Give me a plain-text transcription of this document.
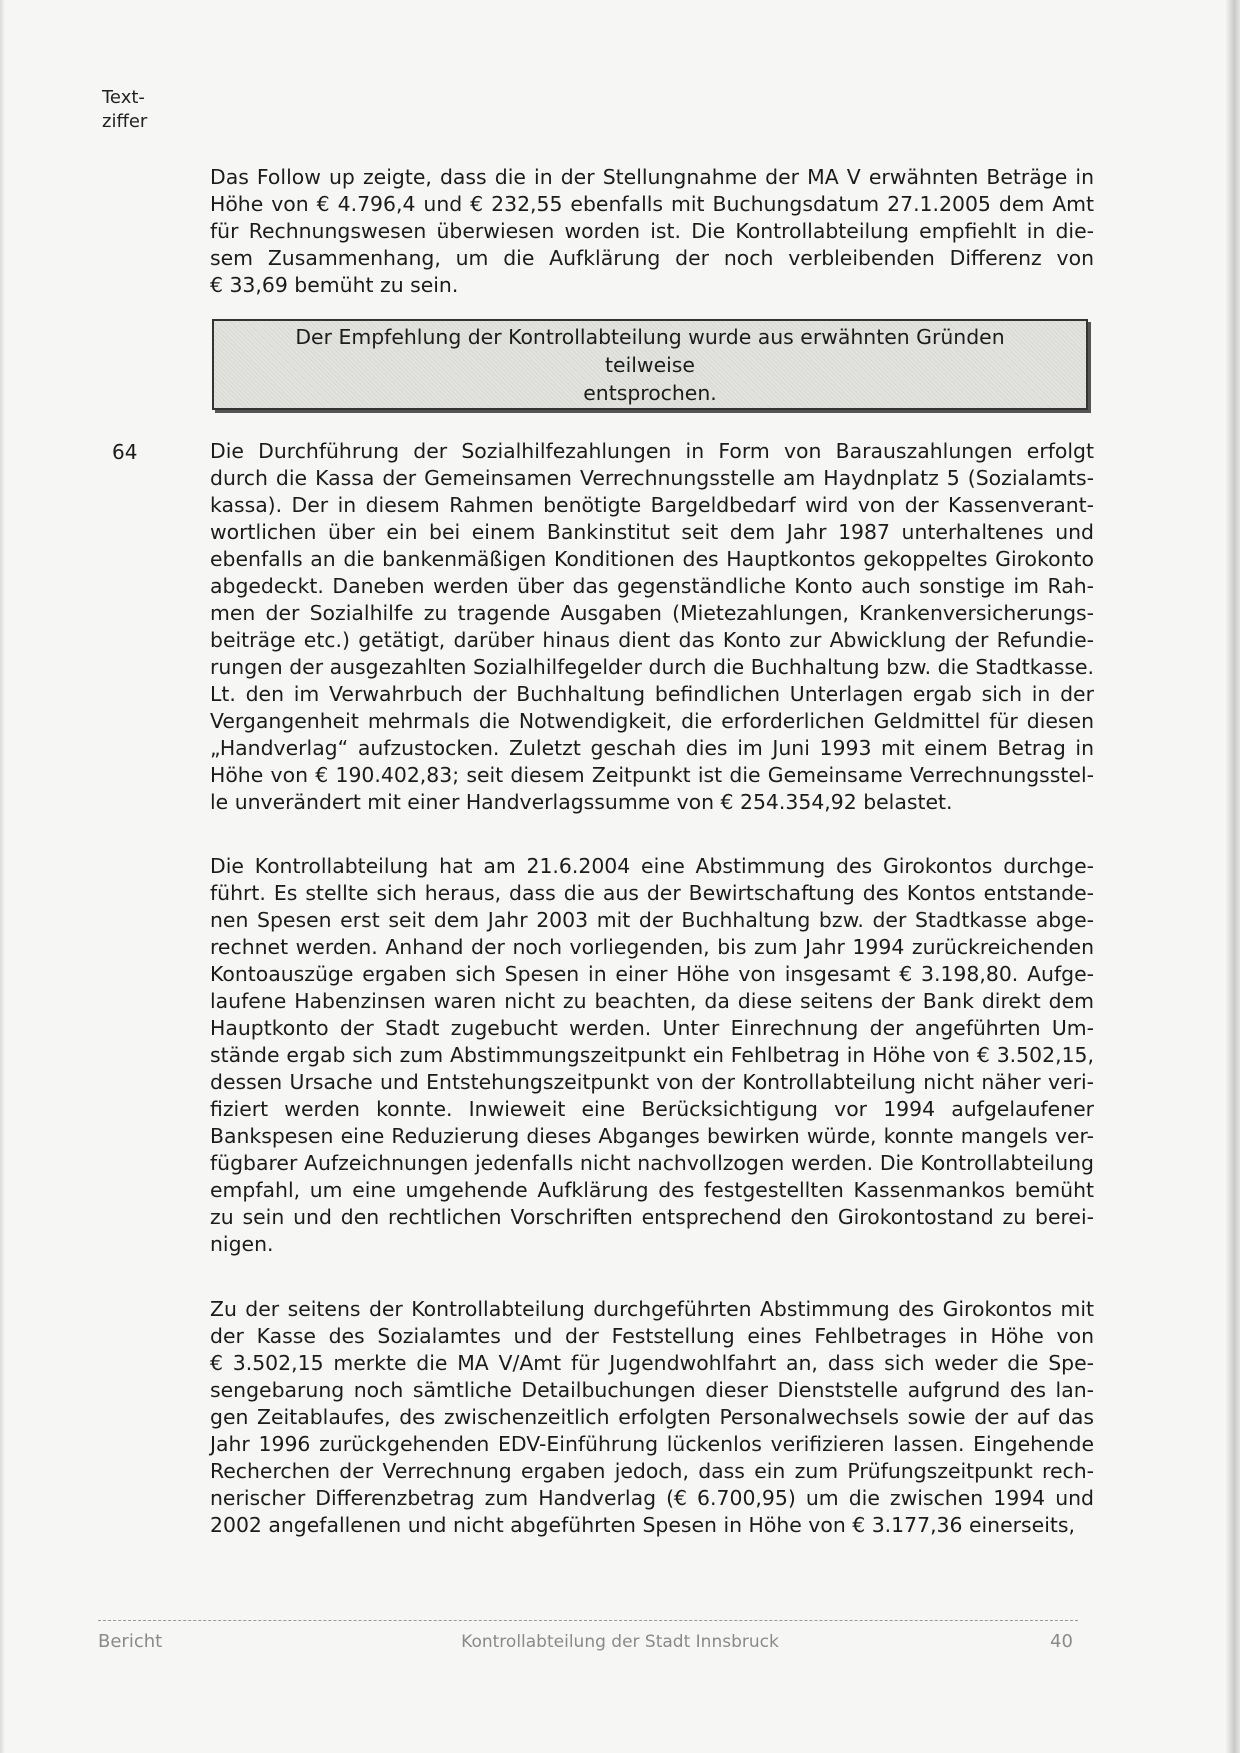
Text-
ziffer

Das Follow up zeigte, dass die in der Stellungnahme der MA V erwähnten Beträge in
Höhe von € 4.796,4 und € 232,55 ebenfalls mit Buchungsdatum 27.1.2005 dem Amt
für Rechnungswesen überwiesen worden ist. Die Kontrollabteilung empfiehlt in die-
sem Zusammenhang, um die Aufklärung der noch verbleibenden Differenz von
€ 33,69 bemüht zu sein.

Der Empfehlung der Kontrollabteilung wurde aus erwähnten Gründen teilweise
entsprochen.

64	Die Durchführung der Sozialhilfezahlungen in Form von Barauszahlungen erfolgt
durch die Kassa der Gemeinsamen Verrechnungsstelle am Haydnplatz 5 (Sozialamts-
kassa). Der in diesem Rahmen benötigte Bargeldbedarf wird von der Kassenverant-
wortlichen über ein bei einem Bankinstitut seit dem Jahr 1987 unterhaltenes und
ebenfalls an die bankenmäßigen Konditionen des Hauptkontos gekoppeltes Girokonto
abgedeckt. Daneben werden über das gegenständliche Konto auch sonstige im Rah-
men der Sozialhilfe zu tragende Ausgaben (Mietezahlungen, Krankenversicherungs-
beiträge etc.) getätigt, darüber hinaus dient das Konto zur Abwicklung der Refundie-
rungen der ausgezahlten Sozialhilfegelder durch die Buchhaltung bzw. die Stadtkasse.
Lt. den im Verwahrbuch der Buchhaltung befindlichen Unterlagen ergab sich in der
Vergangenheit mehrmals die Notwendigkeit, die erforderlichen Geldmittel für diesen
„Handverlag“ aufzustocken. Zuletzt geschah dies im Juni 1993 mit einem Betrag in
Höhe von € 190.402,83; seit diesem Zeitpunkt ist die Gemeinsame Verrechnungsstel-
le unverändert mit einer Handverlagssumme von € 254.354,92 belastet.

Die Kontrollabteilung hat am 21.6.2004 eine Abstimmung des Girokontos durchge-
führt. Es stellte sich heraus, dass die aus der Bewirtschaftung des Kontos entstande-
nen Spesen erst seit dem Jahr 2003 mit der Buchhaltung bzw. der Stadtkasse abge-
rechnet werden. Anhand der noch vorliegenden, bis zum Jahr 1994 zurückreichenden
Kontoauszüge ergaben sich Spesen in einer Höhe von insgesamt € 3.198,80. Aufge-
laufene Habenzinsen waren nicht zu beachten, da diese seitens der Bank direkt dem
Hauptkonto der Stadt zugebucht werden. Unter Einrechnung der angeführten Um-
stände ergab sich zum Abstimmungszeitpunkt ein Fehlbetrag in Höhe von € 3.502,15,
dessen Ursache und Entstehungszeitpunkt von der Kontrollabteilung nicht näher veri-
fiziert werden konnte. Inwieweit eine Berücksichtigung vor 1994 aufgelaufener
Bankspesen eine Reduzierung dieses Abganges bewirken würde, konnte mangels ver-
fügbarer Aufzeichnungen jedenfalls nicht nachvollzogen werden. Die Kontrollabteilung
empfahl, um eine umgehende Aufklärung des festgestellten Kassenmankos bemüht
zu sein und den rechtlichen Vorschriften entsprechend den Girokontostand zu berei-
nigen.

Zu der seitens der Kontrollabteilung durchgeführten Abstimmung des Girokontos mit
der Kasse des Sozialamtes und der Feststellung eines Fehlbetrages in Höhe von
€ 3.502,15 merkte die MA V/Amt für Jugendwohlfahrt an, dass sich weder die Spe-
sengebarung noch sämtliche Detailbuchungen dieser Dienststelle aufgrund des lan-
gen Zeitablaufes, des zwischenzeitlich erfolgten Personalwechsels sowie der auf das
Jahr 1996 zurückgehenden EDV-Einführung lückenlos verifizieren lassen. Eingehende
Recherchen der Verrechnung ergaben jedoch, dass ein zum Prüfungszeitpunkt rech-
nerischer Differenzbetrag zum Handverlag (€ 6.700,95) um die zwischen 1994 und
2002 angefallenen und nicht abgeführten Spesen in Höhe von € 3.177,36 einerseits,

Bericht	Kontrollabteilung der Stadt Innsbruck	40
